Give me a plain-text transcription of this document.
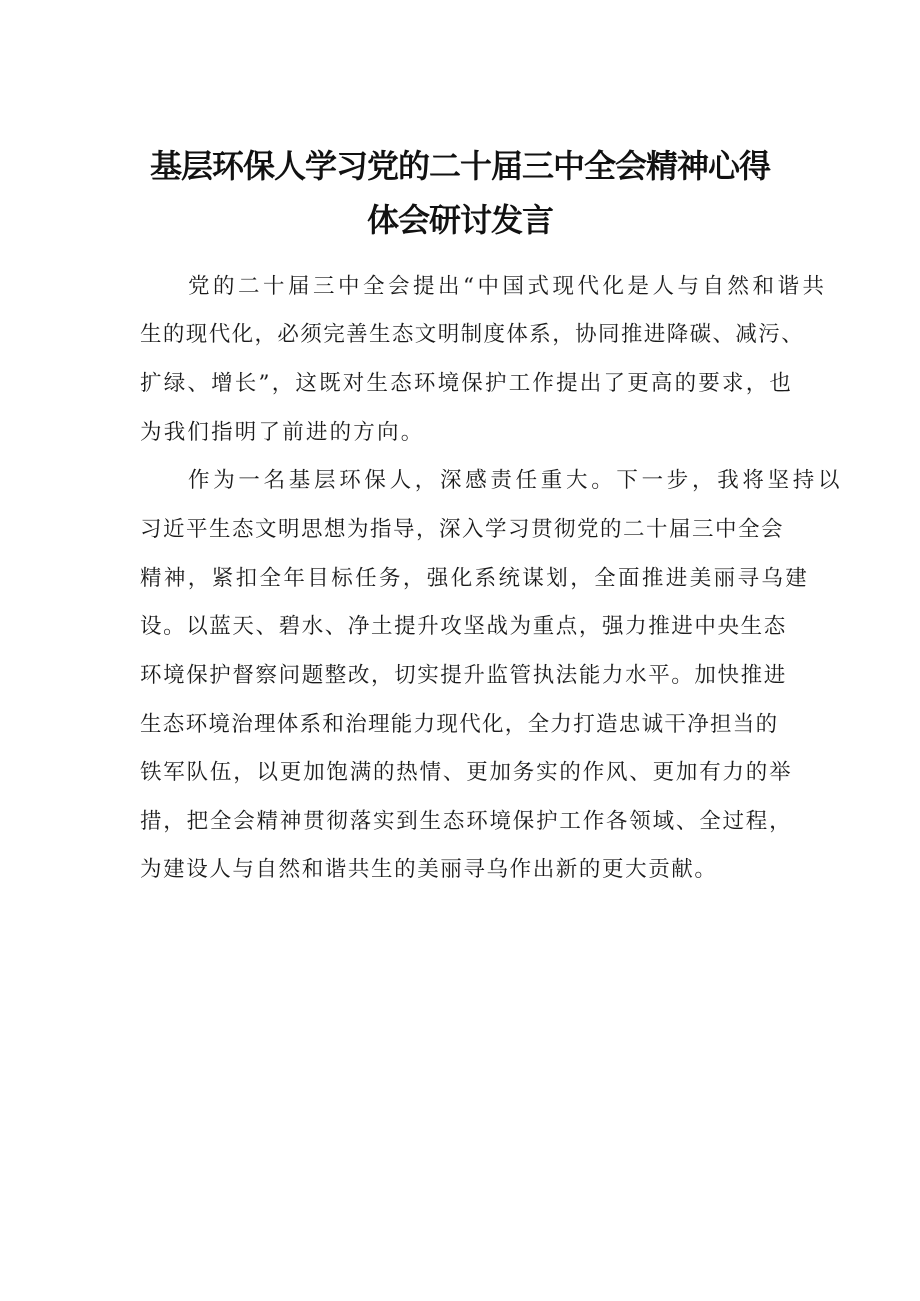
基层环保人学习党的二十届三中全会精神心得
体会研讨发言

党的二十届三中全会提出“中国式现代化是人与自然和谐共

生的现代化，必须完善生态文明制度体系，协同推进降碳、减污、

扩绿、增长”，这既对生态环境保护工作提出了更高的要求，也

为我们指明了前进的方向。

作为一名基层环保人，深感责任重大。下一步，我将坚持以

习近平生态文明思想为指导，深入学习贯彻党的二十届三中全会

精神，紧扣全年目标任务，强化系统谋划，全面推进美丽寻乌建

设。以蓝天、碧水、净土提升攻坚战为重点，强力推进中央生态

环境保护督察问题整改，切实提升监管执法能力水平。加快推进

生态环境治理体系和治理能力现代化，全力打造忠诚干净担当的

铁军队伍，以更加饱满的热情、更加务实的作风、更加有力的举

措，把全会精神贯彻落实到生态环境保护工作各领域、全过程，

为建设人与自然和谐共生的美丽寻乌作出新的更大贡献。
